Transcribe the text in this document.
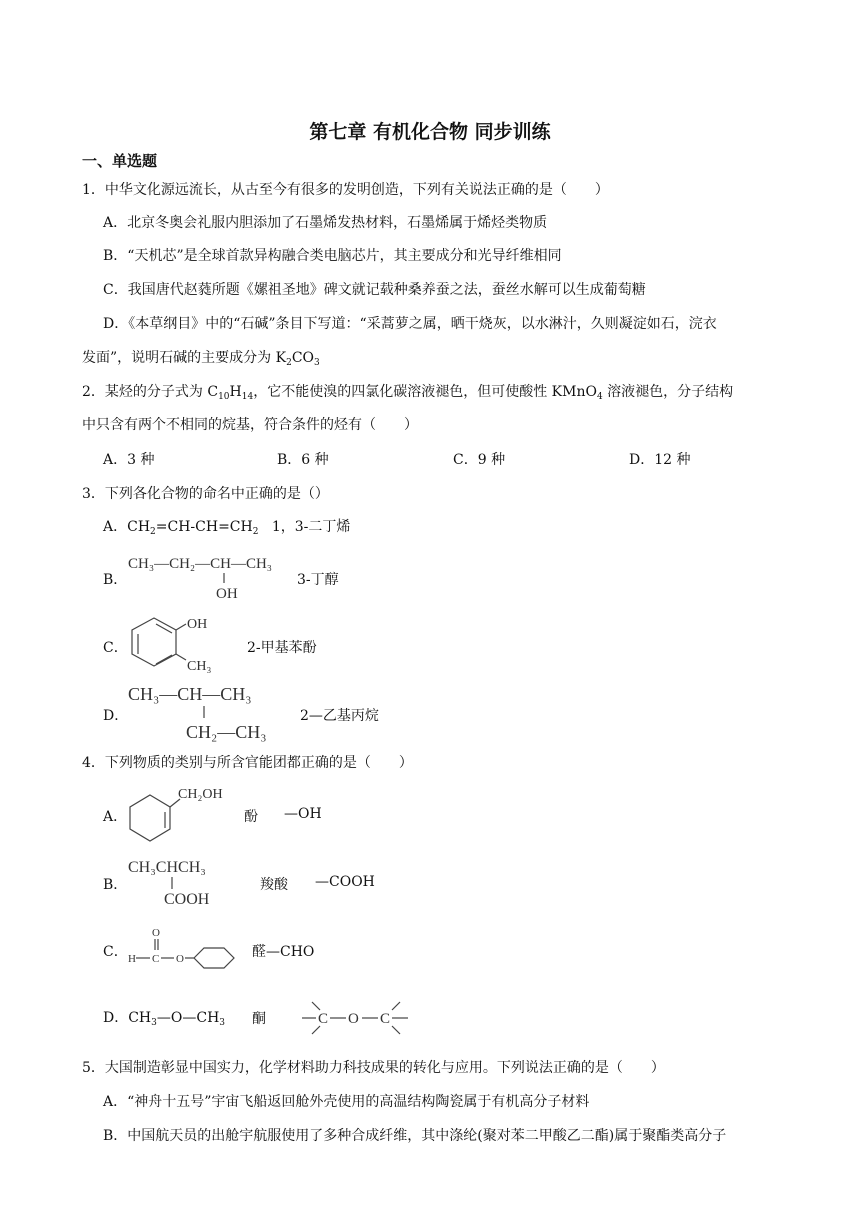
第七章 有机化合物 同步训练
一、单选题
1．中华文化源远流长，从古至今有很多的发明创造，下列有关说法正确的是（　　）
A．北京冬奥会礼服内胆添加了石墨烯发热材料，石墨烯属于烯烃类物质
B．“天机芯”是全球首款异构融合类电脑芯片，其主要成分和光导纤维相同
C．我国唐代赵蕤所题《嫘祖圣地》碑文就记载种桑养蚕之法，蚕丝水解可以生成葡萄糖
D．《本草纲目》中的“石碱”条目下写道：“采蒿萝之属，晒干烧灰，以水淋汁，久则凝淀如石，浣衣
发面”，说明石碱的主要成分为 $K_2CO_3$
2．某烃的分子式为 $C_{10}H_{14}$，它不能使溴的四氯化碳溶液褪色，但可使酸性 KMnO$_4$ 溶液褪色，分子结构
中只含有两个不相同的烷基，符合条件的烃有（　　）
A．3 种	B．6 种	C．9 种	D．12 种
3．下列各化合物的命名中正确的是（）
A．$CH_2=CH-CH=CH_2$ 1，3-二丁烯
B．
CH₃—CH₂—CH—CH₃
OH
3-丁醇
C．
OH
CH₃
2-甲基苯酚
D．
CH₃—CH—CH₃
CH₂—CH₃
2—乙基丙烷
4．下列物质的类别与所含官能团都正确的是（　　）
A．
CH₂OH
酚 —OH
B．
CH₃CHCH₃
COOH
羧酸 —COOH
C．
O
H C O	醛—CHO
D．$CH_3—O—CH_3$ 酮	C O C
5．大国制造彰显中国实力，化学材料助力科技成果的转化与应用。下列说法正确的是（　　）
A．“神舟十五号”宇宙飞船返回舱外壳使用的高温结构陶瓷属于有机高分子材料
B．中国航天员的出舱宇航服使用了多种合成纤维，其中涤纶(聚对苯二甲酸乙二酯)属于聚酯类高分子
